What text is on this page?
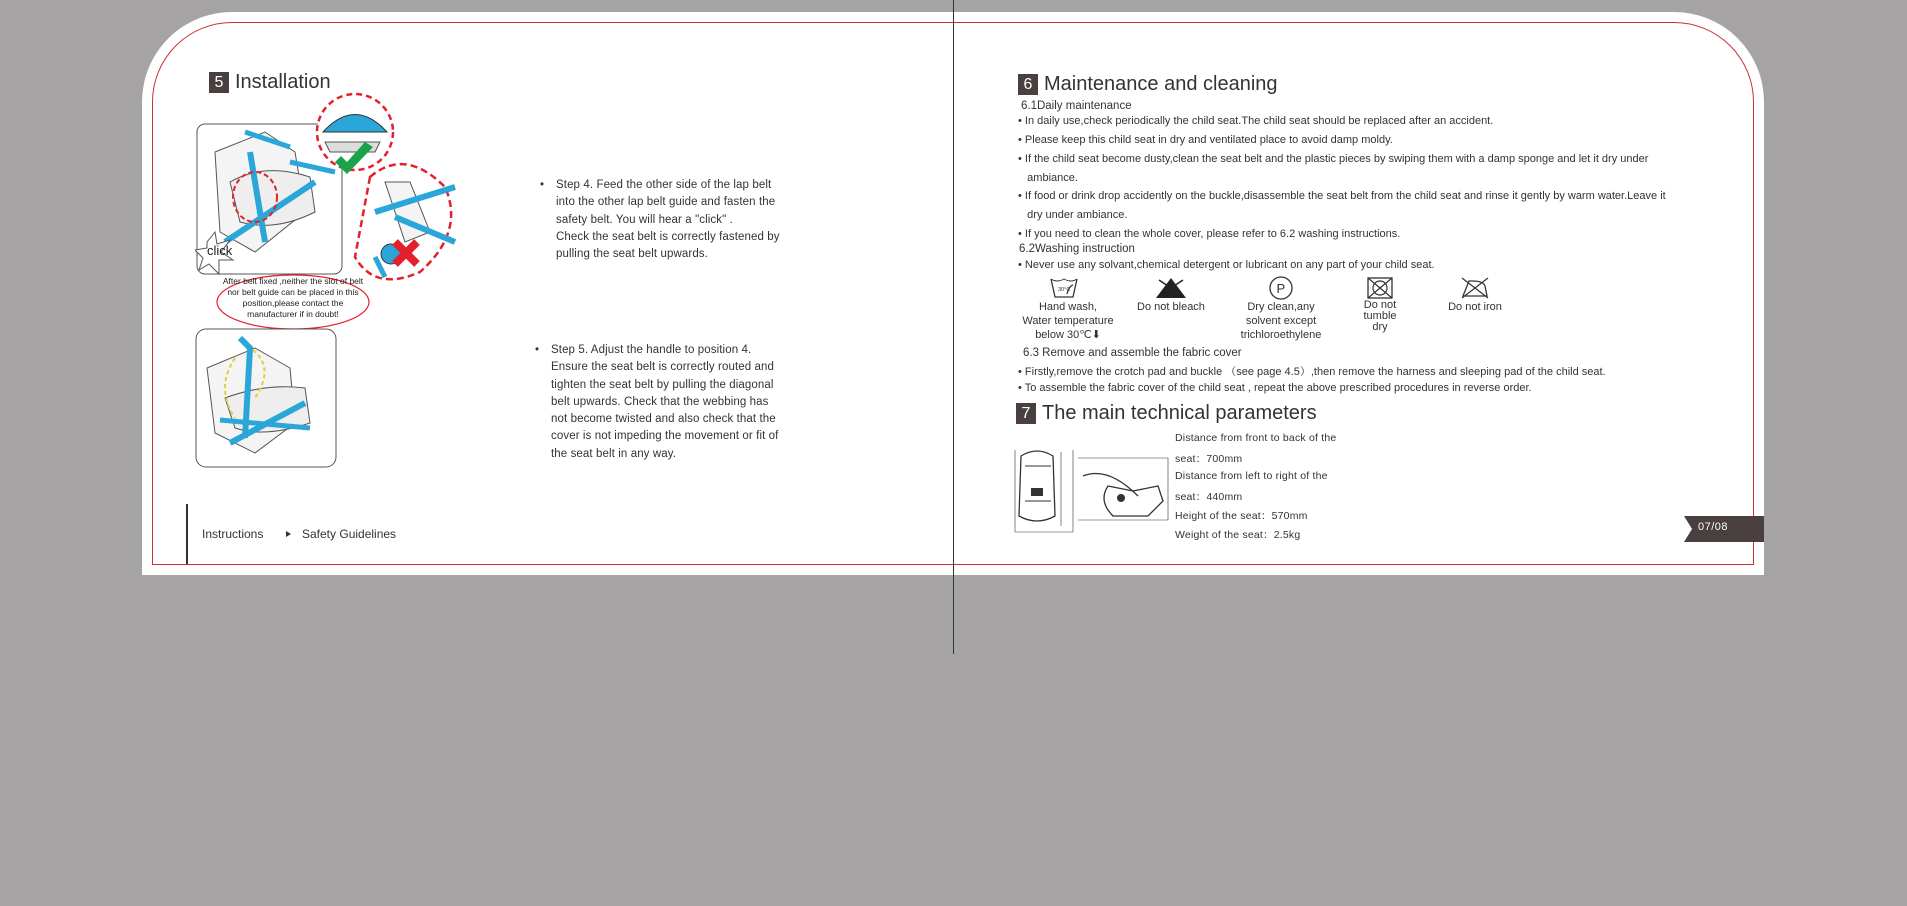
5 Installation
click
After belt fixed ,neither the slot of belt
nor belt guide can be placed in this
position,please contact the
manufacturer if in doubt!
• Step 4. Feed the other side of the lap belt
into the other lap belt guide and fasten the
safety belt. You will hear a "click" .
Check the seat belt is correctly fastened by
pulling the seat belt upwards.
• Step 5. Adjust the handle to position 4.
Ensure the seat belt is correctly routed and
tighten the seat belt by pulling the diagonal
belt upwards. Check that the webbing has
not become twisted and also check that the
cover is not impeding the movement or fit of
the seat belt in any way.
Instructions	Safety Guidelines
6 Maintenance and cleaning
6.1Daily maintenance
• In daily use,check periodically the child seat.The child seat should be replaced after an accident.
• Please keep this child seat in dry and ventilated place to avoid damp moldy.
• If the child seat become dusty,clean the seat belt and the plastic pieces by swiping them with a damp sponge and let it dry under
ambiance.
• If food or drink drop accidently on the buckle,disassemble the seat belt from the child seat and rinse it gently by warm water.Leave it
dry under ambiance.
• If you need to clean the whole cover, please refer to 6.2 washing instructions.
6.2Washing instruction
• Never use any solvant,chemical detergent or lubricant on any part of your child seat.
30°C
Hand wash,
Water temperature
below 30℃⬇
Do not bleach
P
Dry clean,any
solvent except
trichloroethylene
Do not
tumble
dry
Do not iron
6.3 Remove and assemble the fabric cover
• Firstly,remove the crotch pad and buckle （see page 4.5）,then remove the harness and sleeping pad of the child seat.
• To assemble the fabric cover of the child seat , repeat the above prescribed procedures in reverse order.
7 The main technical parameters
Distance from front to back of the
seat：700mm
Distance from left to right of the
seat：440mm
Height of the seat：570mm
Weight of the seat：2.5kg
07/08
